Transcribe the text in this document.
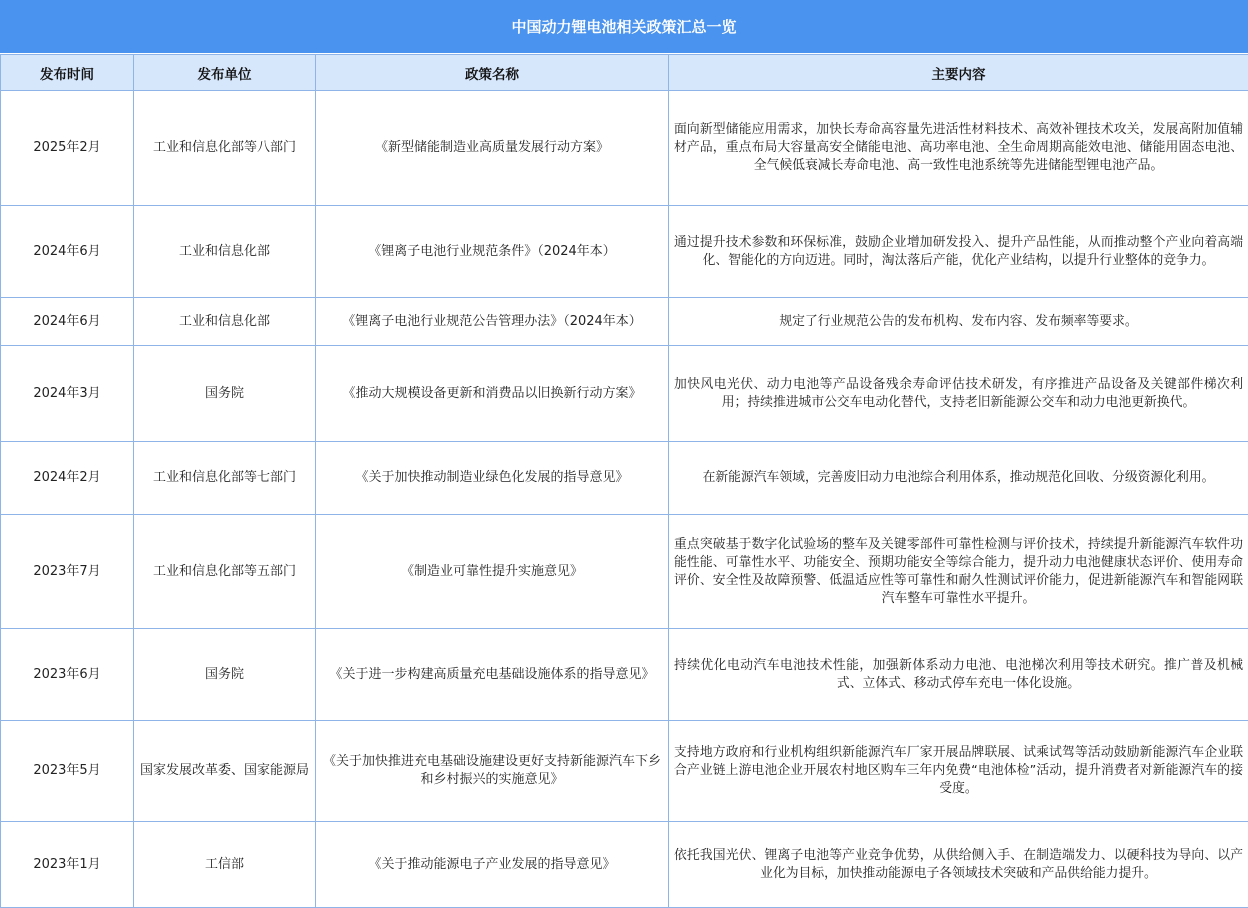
中国动力锂电池相关政策汇总一览
发布时间	发布单位	政策名称	主要内容
2025年2月	工业和信息化部等八部门	《新型储能制造业高质量发展行动方案》	面向新型储能应用需求，加快长寿命高容量先进活性材料技术、高效补锂技术攻关，发展高附加值辅材产品，重点布局大容量高安全储能电池、高功率电池、全生命周期高能效电池、储能用固态电池、全气候低衰减长寿命电池、高一致性电池系统等先进储能型锂电池产品。
2024年6月	工业和信息化部	《锂离子电池行业规范条件》（2024年本）	通过提升技术参数和环保标准，鼓励企业增加研发投入、提升产品性能，从而推动整个产业向着高端化、智能化的方向迈进。同时，淘汰落后产能，优化产业结构，以提升行业整体的竞争力。
2024年6月	工业和信息化部	《锂离子电池行业规范公告管理办法》（2024年本）	规定了行业规范公告的发布机构、发布内容、发布频率等要求。
2024年3月	国务院	《推动大规模设备更新和消费品以旧换新行动方案》	加快风电光伏、动力电池等产品设备残余寿命评估技术研发，有序推进产品设备及关键部件梯次利用；持续推进城市公交车电动化替代，支持老旧新能源公交车和动力电池更新换代。
2024年2月	工业和信息化部等七部门	《关于加快推动制造业绿色化发展的指导意见》	在新能源汽车领域，完善废旧动力电池综合利用体系，推动规范化回收、分级资源化利用。
2023年7月	工业和信息化部等五部门	《制造业可靠性提升实施意见》	重点突破基于数字化试验场的整车及关键零部件可靠性检测与评价技术，持续提升新能源汽车软件功能性能、可靠性水平、功能安全、预期功能安全等综合能力，提升动力电池健康状态评价、使用寿命评价、安全性及故障预警、低温适应性等可靠性和耐久性测试评价能力，促进新能源汽车和智能网联汽车整车可靠性水平提升。
2023年6月	国务院	《关于进一步构建高质量充电基础设施体系的指导意见》	持续优化电动汽车电池技术性能，加强新体系动力电池、电池梯次利用等技术研究。推广普及机械式、立体式、移动式停车充电一体化设施。
2023年5月	国家发展改革委、国家能源局	《关于加快推进充电基础设施建设更好支持新能源汽车下乡和乡村振兴的实施意见》	支持地方政府和行业机构组织新能源汽车厂家开展品牌联展、试乘试驾等活动鼓励新能源汽车企业联合产业链上游电池企业开展农村地区购车三年内免费“电池体检”活动，提升消费者对新能源汽车的接受度。
2023年1月	工信部	《关于推动能源电子产业发展的指导意见》	依托我国光伏、锂离子电池等产业竞争优势，从供给侧入手、在制造端发力、以硬科技为导向、以产业化为目标，加快推动能源电子各领域技术突破和产品供给能力提升。
